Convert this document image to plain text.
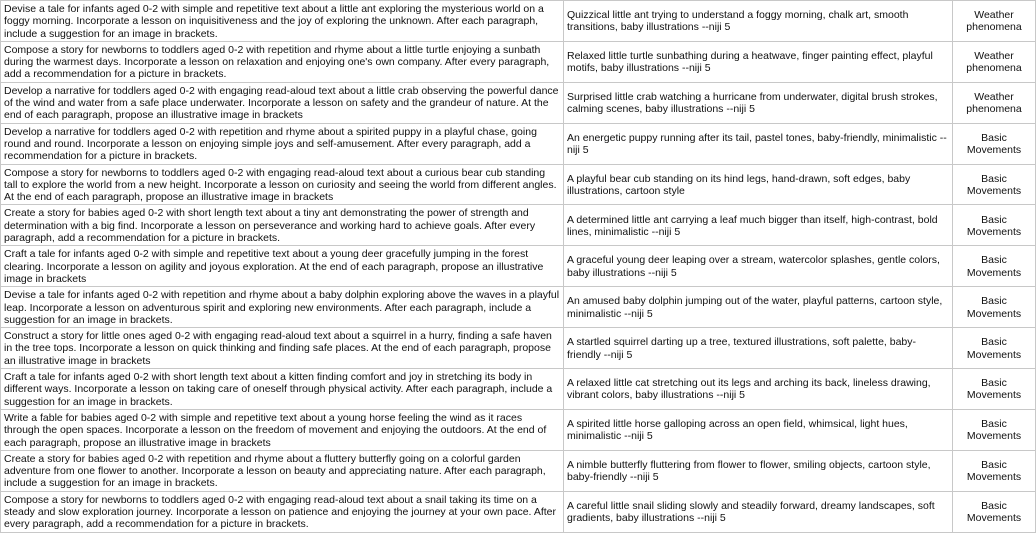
Devise a tale for infants aged 0-2 with simple and repetitive text about a little ant exploring the mysterious world on a foggy morning. Incorporate a lesson on inquisitiveness and the joy of exploring the unknown. After each paragraph, include a suggestion for an image in brackets.	Quizzical little ant trying to understand a foggy morning, chalk art, smooth transitions, baby illustrations --niji 5	Weather phenomena
Compose a story for newborns to toddlers aged 0-2 with repetition and rhyme about a little turtle enjoying a sunbath during the warmest days. Incorporate a lesson on relaxation and enjoying one's own company. After every paragraph, add a recommendation for a picture in brackets.	Relaxed little turtle sunbathing during a heatwave, finger painting effect, playful motifs, baby illustrations --niji 5	Weather phenomena
Develop a narrative for toddlers aged 0-2 with engaging read-aloud text about a little crab observing the powerful dance of the wind and water from a safe place underwater. Incorporate a lesson on safety and the grandeur of nature. At the end of each paragraph, propose an illustrative image in brackets	Surprised little crab watching a hurricane from underwater, digital brush strokes, calming scenes, baby illustrations --niji 5	Weather phenomena
Develop a narrative for toddlers aged 0-2 with repetition and rhyme about a spirited puppy in a playful chase, going round and round. Incorporate a lesson on enjoying simple joys and self-amusement. After every paragraph, add a recommendation for a picture in brackets.	An energetic puppy running after its tail, pastel tones, baby-friendly, minimalistic --niji 5	Basic Movements
Compose a story for newborns to toddlers aged 0-2 with engaging read-aloud text about a curious bear cub standing tall to explore the world from a new height. Incorporate a lesson on curiosity and seeing the world from different angles. At the end of each paragraph, propose an illustrative image in brackets	A playful bear cub standing on its hind legs, hand-drawn, soft edges, baby illustrations, cartoon style	Basic Movements
Create a story for babies aged 0-2 with short length text about a tiny ant demonstrating the power of strength and determination with a big find. Incorporate a lesson on perseverance and working hard to achieve goals. After every paragraph, add a recommendation for a picture in brackets.	A determined little ant carrying a leaf much bigger than itself, high-contrast, bold lines, minimalistic --niji 5	Basic Movements
Craft a tale for infants aged 0-2 with simple and repetitive text about a young deer gracefully jumping in the forest clearing. Incorporate a lesson on agility and joyous exploration. At the end of each paragraph, propose an illustrative image in brackets	A graceful young deer leaping over a stream, watercolor splashes, gentle colors, baby illustrations --niji 5	Basic Movements
Devise a tale for infants aged 0-2 with repetition and rhyme about a baby dolphin exploring above the waves in a playful leap. Incorporate a lesson on adventurous spirit and exploring new environments. After each paragraph, include a suggestion for an image in brackets.	An amused baby dolphin jumping out of the water, playful patterns, cartoon style, minimalistic --niji 5	Basic Movements
Construct a story for little ones aged 0-2 with engaging read-aloud text about a squirrel in a hurry, finding a safe haven in the tree tops. Incorporate a lesson on quick thinking and finding safe places. At the end of each paragraph, propose an illustrative image in brackets	A startled squirrel darting up a tree, textured illustrations, soft palette, baby-friendly --niji 5	Basic Movements
Craft a tale for infants aged 0-2 with short length text about a kitten finding comfort and joy in stretching its body in different ways. Incorporate a lesson on taking care of oneself through physical activity. After each paragraph, include a suggestion for an image in brackets.	A relaxed little cat stretching out its legs and arching its back, lineless drawing, vibrant colors, baby illustrations --niji 5	Basic Movements
Write a fable for babies aged 0-2 with simple and repetitive text about a young horse feeling the wind as it races through the open spaces. Incorporate a lesson on the freedom of movement and enjoying the outdoors. At the end of each paragraph, propose an illustrative image in brackets	A spirited little horse galloping across an open field, whimsical, light hues, minimalistic --niji 5	Basic Movements
Create a story for babies aged 0-2 with repetition and rhyme about a fluttery butterfly going on a colorful garden adventure from one flower to another. Incorporate a lesson on beauty and appreciating nature. After each paragraph, include a suggestion for an image in brackets.	A nimble butterfly fluttering from flower to flower, smiling objects, cartoon style, baby-friendly --niji 5	Basic Movements
Compose a story for newborns to toddlers aged 0-2 with engaging read-aloud text about a snail taking its time on a steady and slow exploration journey. Incorporate a lesson on patience and enjoying the journey at your own pace. After every paragraph, add a recommendation for a picture in brackets.	A careful little snail sliding slowly and steadily forward, dreamy landscapes, soft gradients, baby illustrations --niji 5	Basic Movements
